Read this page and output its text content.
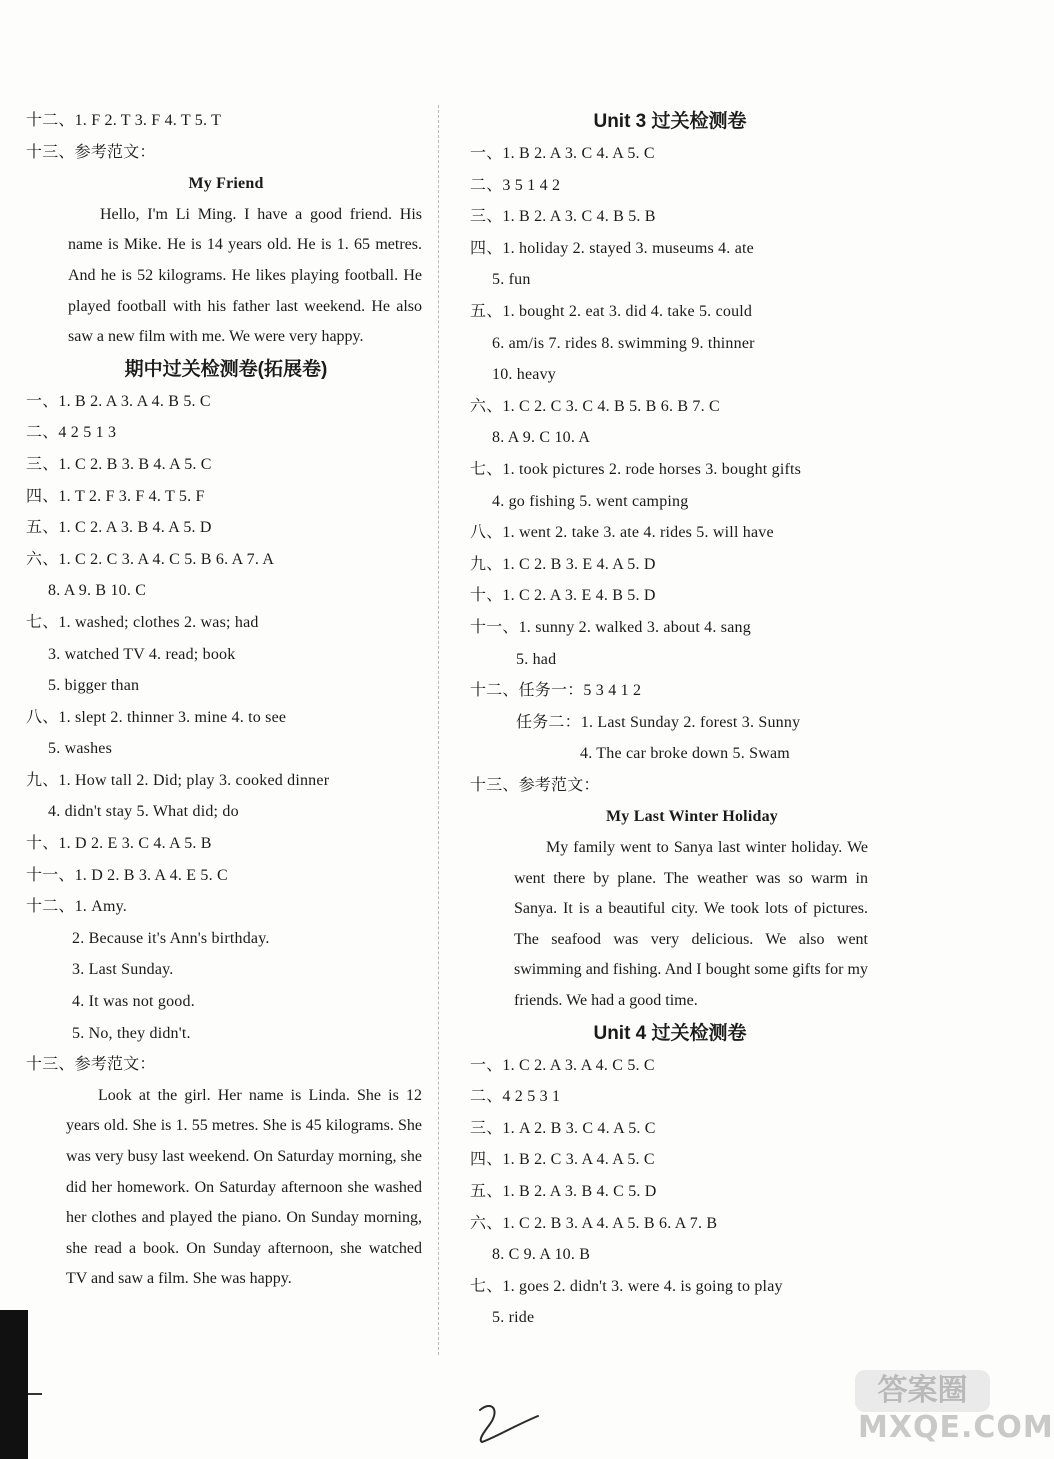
十二、1. F 2. T 3. F 4. T 5. T
十三、参考范文：
My Friend

Hello, I'm Li Ming. I have a good friend. His name is Mike. He is 14 years old. He is 1. 65 metres. And he is 52 kilograms. He likes playing football. He played football with his father last weekend. He also saw a new film with me. We were very happy.

期中过关检测卷(拓展卷)
一、1. B 2. A 3. A 4. B 5. C
二、4 2 5 1 3
三、1. C 2. B 3. B 4. A 5. C
四、1. T 2. F 3. F 4. T 5. F
五、1. C 2. A 3. B 4. A 5. D
六、1. C 2. C 3. A 4. C 5. B 6. A 7. A
8. A 9. B 10. C
七、1. washed; clothes 2. was; had
3. watched TV 4. read; book
5. bigger than
八、1. slept 2. thinner 3. mine 4. to see
5. washes
九、1. How tall 2. Did; play 3. cooked dinner
4. didn't stay 5. What did; do
十、1. D 2. E 3. C 4. A 5. B
十一、1. D 2. B 3. A 4. E 5. C
十二、1. Amy.
2. Because it's Ann's birthday.
3. Last Sunday.
4. It was not good.
5. No, they didn't.
十三、参考范文：

Look at the girl. Her name is Linda. She is 12 years old. She is 1. 55 metres. She is 45 kilograms. She was very busy last weekend. On Saturday morning, she did her homework. On Saturday afternoon she washed her clothes and played the piano. On Sunday morning, she read a book. On Sunday afternoon, she watched TV and saw a film. She was happy.

Unit 3 过关检测卷
一、1. B 2. A 3. C 4. A 5. C
二、3 5 1 4 2
三、1. B 2. A 3. C 4. B 5. B
四、1. holiday 2. stayed 3. museums 4. ate
5. fun
五、1. bought 2. eat 3. did 4. take 5. could
6. am/is 7. rides 8. swimming 9. thinner
10. heavy
六、1. C 2. C 3. C 4. B 5. B 6. B 7. C
8. A 9. C 10. A
七、1. took pictures 2. rode horses 3. bought gifts
4. go fishing 5. went camping
八、1. went 2. take 3. ate 4. rides 5. will have
九、1. C 2. B 3. E 4. A 5. D
十、1. C 2. A 3. E 4. B 5. D
十一、1. sunny 2. walked 3. about 4. sang
5. had
十二、任务一：5 3 4 1 2
任务二：1. Last Sunday 2. forest 3. Sunny
4. The car broke down 5. Swam
十三、参考范文：
My Last Winter Holiday

My family went to Sanya last winter holiday. We went there by plane. The weather was so warm in Sanya. It is a beautiful city. We took lots of pictures. The seafood was very delicious. We also went swimming and fishing. And I bought some gifts for my friends. We had a good time.

Unit 4 过关检测卷
一、1. C 2. A 3. A 4. C 5. C
二、4 2 5 3 1
三、1. A 2. B 3. C 4. A 5. C
四、1. B 2. C 3. A 4. A 5. C
五、1. B 2. A 3. B 4. C 5. D
六、1. C 2. B 3. A 4. A 5. B 6. A 7. B
8. C 9. A 10. B
七、1. goes 2. didn't 3. were 4. is going to play
5. ride
答案圈
MXQE.COM
